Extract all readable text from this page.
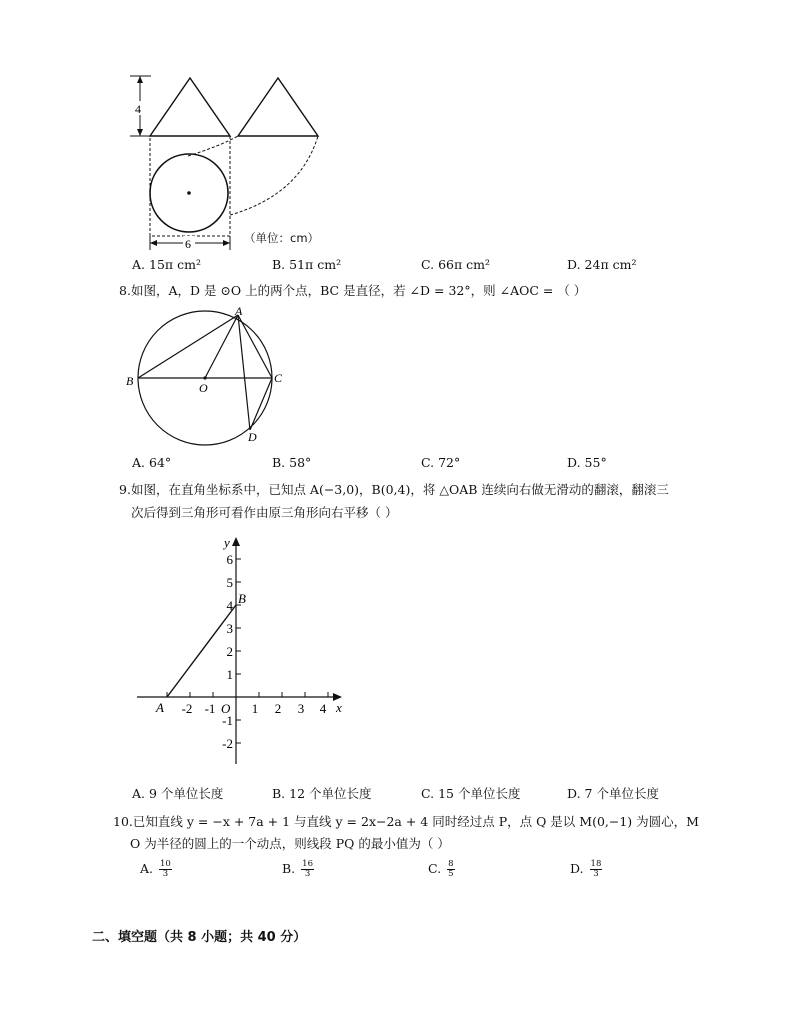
4
6	（单位：cm）
A. 15π cm²	B. 51π cm²	C. 66π cm²	D. 24π cm²
8.如图，A，D 是 ⊙O 上的两个点，BC 是直径，若 ∠D = 32°，则 ∠AOC = （ ）
A
B	C
D
O
A. 64°	B. 58°	C. 72°	D. 55°
9.如图，在直角坐标系中，已知点 A(−3,0)，B(0,4)，将 △OAB 连续向右做无滑动的翻滚，翻滚三
次后得到三角形可看作由原三角形向右平移（ ）
y
x
B
A	O
6
5
4
3
2
1
-1
-2
-2 -1	1 2 3 4
A. 9 个单位长度	B. 12 个单位长度	C. 15 个单位长度	D. 7 个单位长度
10.已知直线 y = −x + 7a + 1 与直线 y = 2x−2a + 4 同时经过点 P，点 Q 是以 M(0,−1) 为圆心，M
O 为半径的圆上的一个动点，则线段 PQ 的最小值为（ ）
A. $\frac{10}{3}$	B. $\frac{16}{3}$	C. $\frac{8}{5}$	D. $\frac{18}{3}$
二、填空题（共 8 小题；共 40 分）
